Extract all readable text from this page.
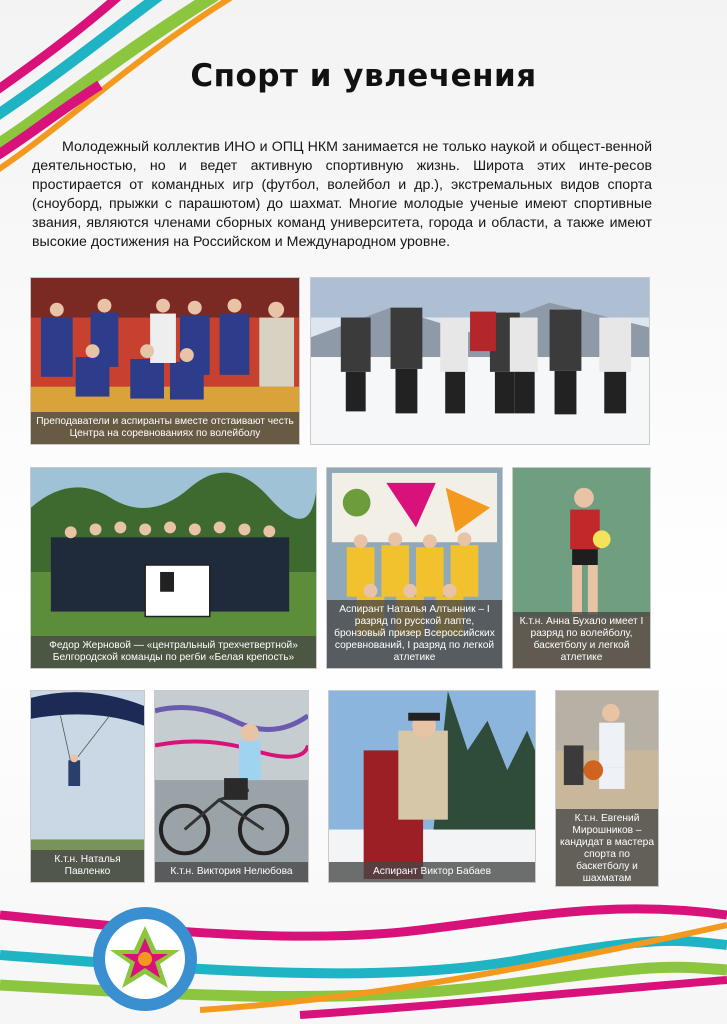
Спорт и увлечения

Молодежный коллектив ИНО и ОПЦ НКМ занимается не только наукой и общест-венной деятельностью, но и ведет активную спортивную жизнь. Широта этих инте-ресов простирается от командных игр (футбол, волейбол и др.), экстремальных видов спорта (сноуборд, прыжки с парашютом) до шахмат. Многие молодые ученые имеют спортивные звания, являются членами сборных команд университета, города и области, а также имеют высокие достижения на Российском и Международном уровне.

Преподаватели и аспиранты вместе отстаивают честь Центра на соревнованиях по волейболу
Федор Жерновой — «центральный трехчетвертной» Белгородской команды по регби «Белая крепость»
Аспирант Наталья Алтынник – I разряд по русской лапте, бронзовый призер Всероссийских соревнований, I разряд по легкой атлетике
К.т.н. Анна Бухало имеет I разряд по волейболу, баскетболу и легкой атлетике
К.т.н. Наталья Павленко	К.т.н. Виктория Нелюбова	Аспирант Виктор Бабаев
К.т.н. Евгений Мирошников – кандидат в мастера спорта по баскетболу и шахматам
